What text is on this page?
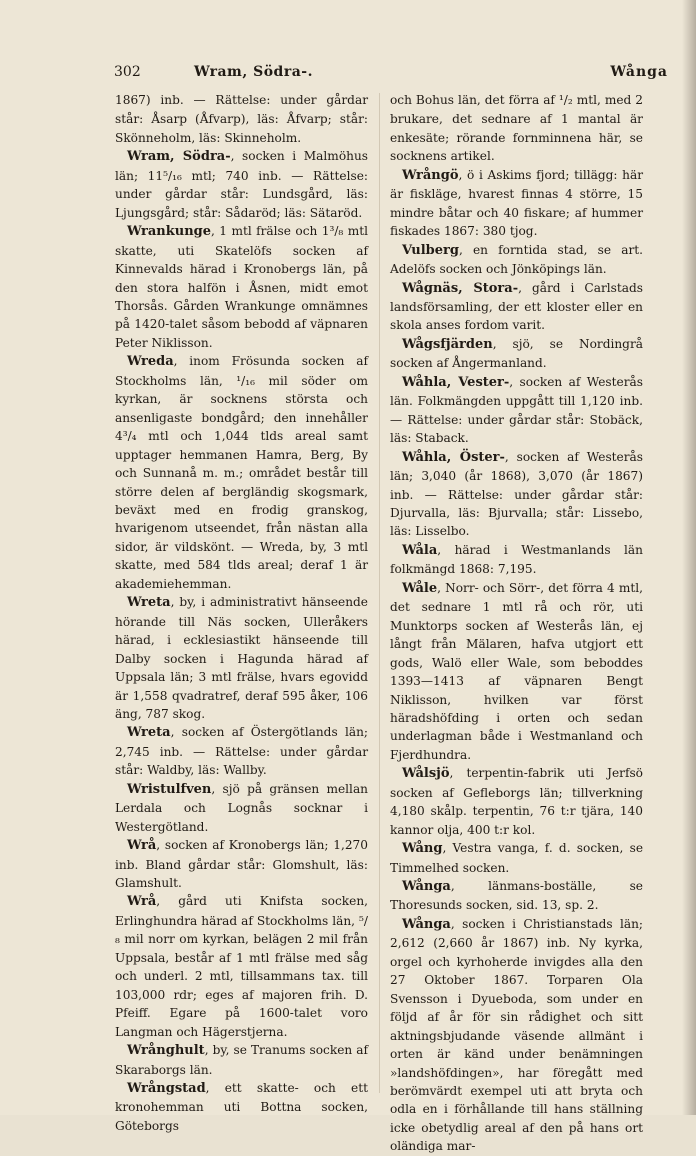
302	Wram, Södra-.	Wånga

1867) inb. — Rättelse: under gårdar står: Åsarp (Åfvarp), läs: Åfvarp; står: Skönneholm, läs: Skinneholm.

Wram, Södra-, socken i Malmöhus län; 11⁵/₁₆ mtl; 740 inb. — Rättelse: under gårdar står: Lundsgård, läs: Ljungsgård; står: Sådaröd; läs: Sätaröd.

Wrankunge, 1 mtl frälse och 1³/₈ mtl skatte, uti Skatelöfs socken af Kinnevalds härad i Kronobergs län, på den stora halfön i Åsnen, midt emot Thorsås. Gården Wrankunge omnämnes på 1420-talet såsom bebodd af väpnaren Peter Niklisson.

Wreda, inom Frösunda socken af Stockholms län, ¹/₁₆ mil söder om kyrkan, är socknens största och ansenligaste bondgård; den innehåller 4³/₄ mtl och 1,044 tlds areal samt upptager hemmanen Hamra, Berg, By och Sunnanå m. m.; området består till större delen af bergländig skogsmark, beväxt med en frodig granskog, hvarigenom utseendet, från nästan alla sidor, är vildskönt. — Wreda, by, 3 mtl skatte, med 584 tlds areal; deraf 1 är akademiehemman.

Wreta, by, i administrativt hänseende hörande till Näs socken, Ulleråkers härad, i ecklesiastikt hänseende till Dalby socken i Hagunda härad af Uppsala län; 3 mtl frälse, hvars egovidd är 1,558 qvadratref, deraf 595 åker, 106 äng, 787 skog.

Wreta, socken af Östergötlands län; 2,745 inb. — Rättelse: under gårdar står: Waldby, läs: Wallby.

Wristulfven, sjö på gränsen mellan Lerdala och Lognås socknar i Westergötland.

Wrå, socken af Kronobergs län; 1,270 inb. Bland gårdar står: Glomshult, läs: Glamshult.

Wrå, gård uti Knifsta socken, Erlinghundra härad af Stockholms län, ⁵/₈ mil norr om kyrkan, belägen 2 mil från Uppsala, består af 1 mtl frälse med såg och underl. 2 mtl, tillsammans tax. till 103,000 rdr; eges af majoren frih. D. Pfeiff. Egare på 1600-talet voro Langman och Hägerstjerna.

Wrånghult, by, se Tranums socken af Skaraborgs län.

Wrångstad, ett skatte- och ett kronohemman uti Bottna socken, Göteborgs

och Bohus län, det förra af ¹/₂ mtl, med 2 brukare, det sednare af 1 mantal är enkesäte; rörande fornminnena här, se socknens artikel.

Wrångö, ö i Askims fjord; tillägg: här är fiskläge, hvarest finnas 4 större, 15 mindre båtar och 40 fiskare; af hummer fiskades 1867: 380 tjog.

Vulberg, en forntida stad, se art. Adelöfs socken och Jönköpings län.

Wågnäs, Stora-, gård i Carlstads landsförsamling, der ett kloster eller en skola anses fordom varit.

Wågsfjärden, sjö, se Nordingrå socken af Ångermanland.

Wåhla, Vester-, socken af Westerås län. Folkmängden uppgått till 1,120 inb. — Rättelse: under gårdar står: Stobäck, läs: Staback.

Wåhla, Öster-, socken af Westerås län; 3,040 (år 1868), 3,070 (år 1867) inb. — Rättelse: under gårdar står: Djurvalla, läs: Bjurvalla; står: Lissebo, läs: Lisselbo.

Wåla, härad i Westmanlands län folkmängd 1868: 7,195.

Wåle, Norr- och Sörr-, det förra 4 mtl, det sednare 1 mtl rå och rör, uti Munktorps socken af Westerås län, ej långt från Mälaren, hafva utgjort ett gods, Walö eller Wale, som beboddes 1393—1413 af väpnaren Bengt Niklisson, hvilken var först häradshöfding i orten och sedan underlagman både i Westmanland och Fjerdhundra.

Wålsjö, terpentin-fabrik uti Jerfsö socken af Gefleborgs län; tillverkning 4,180 skålp. terpentin, 76 t:r tjära, 140 kannor olja, 400 t:r kol.

Wång, Vestra vanga, f. d. socken, se Timmelhed socken.

Wånga, länmans-boställe, se Thoresunds socken, sid. 13, sp. 2.

Wånga, socken i Christianstads län; 2,612 (2,660 år 1867) inb. Ny kyrka, orgel och kyrhoherde invigdes alla den 27 Oktober 1867. Torparen Ola Svensson i Dyueboda, som under en följd af år för sin rådighet och sitt aktningsbjudande väsende allmänt i orten är känd under benämningen »landshöfdingen», har föregått med berömvärdt exempel uti att bryta och odla en i förhållande till hans ställning icke obetydlig areal af den på hans ort oländiga mar-
